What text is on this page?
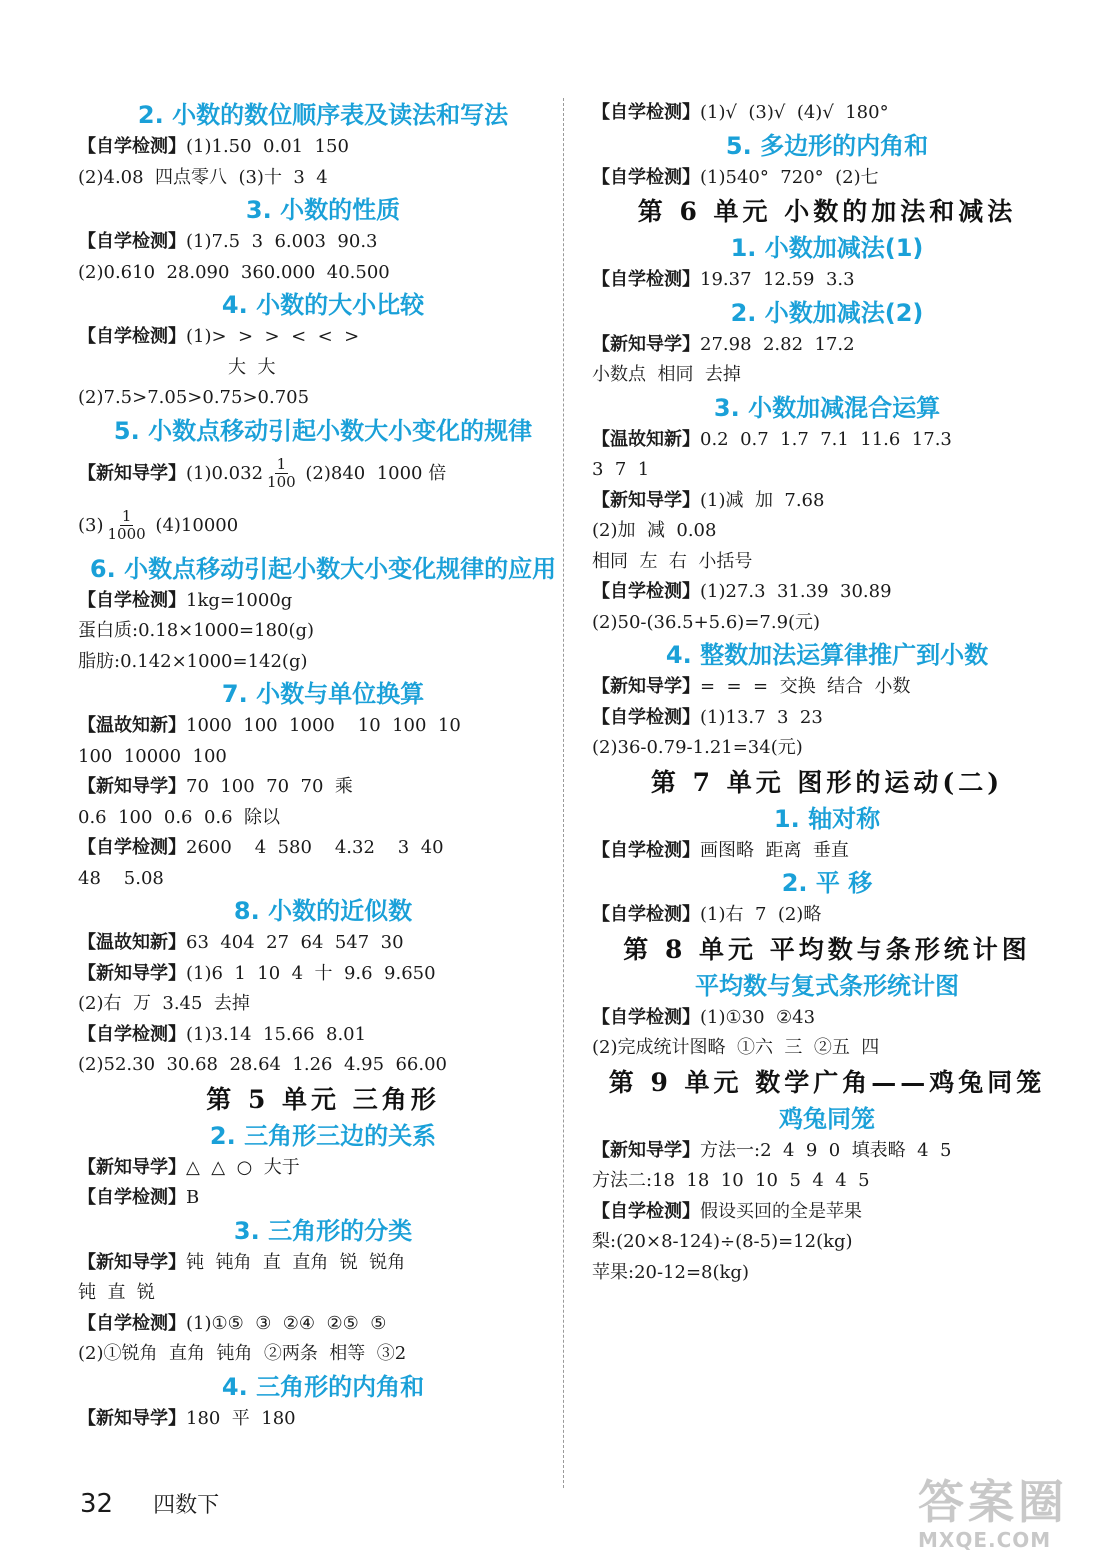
2. 小数的数位顺序表及读法和写法
【自学检测】(1)1.50  0.01  150
(2)4.08  四点零八  (3)十  3  4
3. 小数的性质
【自学检测】(1)7.5  3  6.003  90.3
(2)0.610  28.090  360.000  40.500
4. 小数的大小比较
【自学检测】(1)>  >  >  <  <  >
大  大
(2)7.5>7.05>0.75>0.705
5. 小数点移动引起小数大小变化的规律
【新知导学】$(1)0.032 \frac{1}{100} (2)840$  1000 倍
$(3) \frac{1}{1000} (4)10000$
6. 小数点移动引起小数大小变化规律的应用
【自学检测】1kg=1000g
蛋白质:0.18×1000=180(g)
脂肪:0.142×1000=142(g)
7. 小数与单位换算
【温故知新】1000  100  1000    10  100  10
100  10000  100
【新知导学】70  100  70  70  乘
0.6  100  0.6  0.6  除以
【自学检测】2600    4  580    4.32    3  40
48    5.08
8. 小数的近似数
【温故知新】63  404  27  64  547  30
【新知导学】(1)6  1  10  4  十  9.6  9.650
(2)右  万  3.45  去掉
【自学检测】(1)3.14  15.66  8.01
(2)52.30  30.68  28.64  1.26  4.95  66.00
第 5 单元 三角形
2. 三角形三边的关系
【新知导学】△  △  ○  大于
【自学检测】B
3. 三角形的分类
【新知导学】钝  钝角  直  直角  锐  锐角
钝  直  锐
【自学检测】(1)①⑤  ③  ②④  ②⑤  ⑤
(2)①锐角  直角  钝角  ②两条  相等  ③2
4. 三角形的内角和
【新知导学】180  平  180
【自学检测】(1)√  (3)√  (4)√  180°
5. 多边形的内角和
【自学检测】(1)540°  720°  (2)七
第 6 单元 小数的加法和减法
1. 小数加减法(1)
【自学检测】19.37  12.59  3.3
2. 小数加减法(2)
【新知导学】27.98  2.82  17.2
小数点  相同  去掉
3. 小数加减混合运算
【温故知新】0.2  0.7  1.7  7.1  11.6  17.3
3  7  1
【新知导学】(1)减  加  7.68
(2)加  减  0.08
相同  左  右  小括号
【自学检测】(1)27.3  31.39  30.89
(2)50-(36.5+5.6)=7.9(元)
4. 整数加法运算律推广到小数
【新知导学】=  =  =  交换  结合  小数
【自学检测】(1)13.7  3  23
(2)36-0.79-1.21=34(元)
第 7 单元 图形的运动(二)
1. 轴对称
【自学检测】画图略  距离  垂直
2. 平 移
【自学检测】(1)右  7  (2)略
第 8 单元 平均数与条形统计图
平均数与复式条形统计图
【自学检测】(1)①30  ②43
(2)完成统计图略  ①六  三  ②五  四
第 9 单元 数学广角——鸡兔同笼
鸡兔同笼
【新知导学】方法一:2  4  9  0  填表略  4  5
方法二:18  18  10  10  5  4  4  5
【自学检测】假设买回的全是苹果
梨:(20×8-124)÷(8-5)=12(kg)
苹果:20-12=8(kg)
32 四数下	答案圈
MXQE.COM
